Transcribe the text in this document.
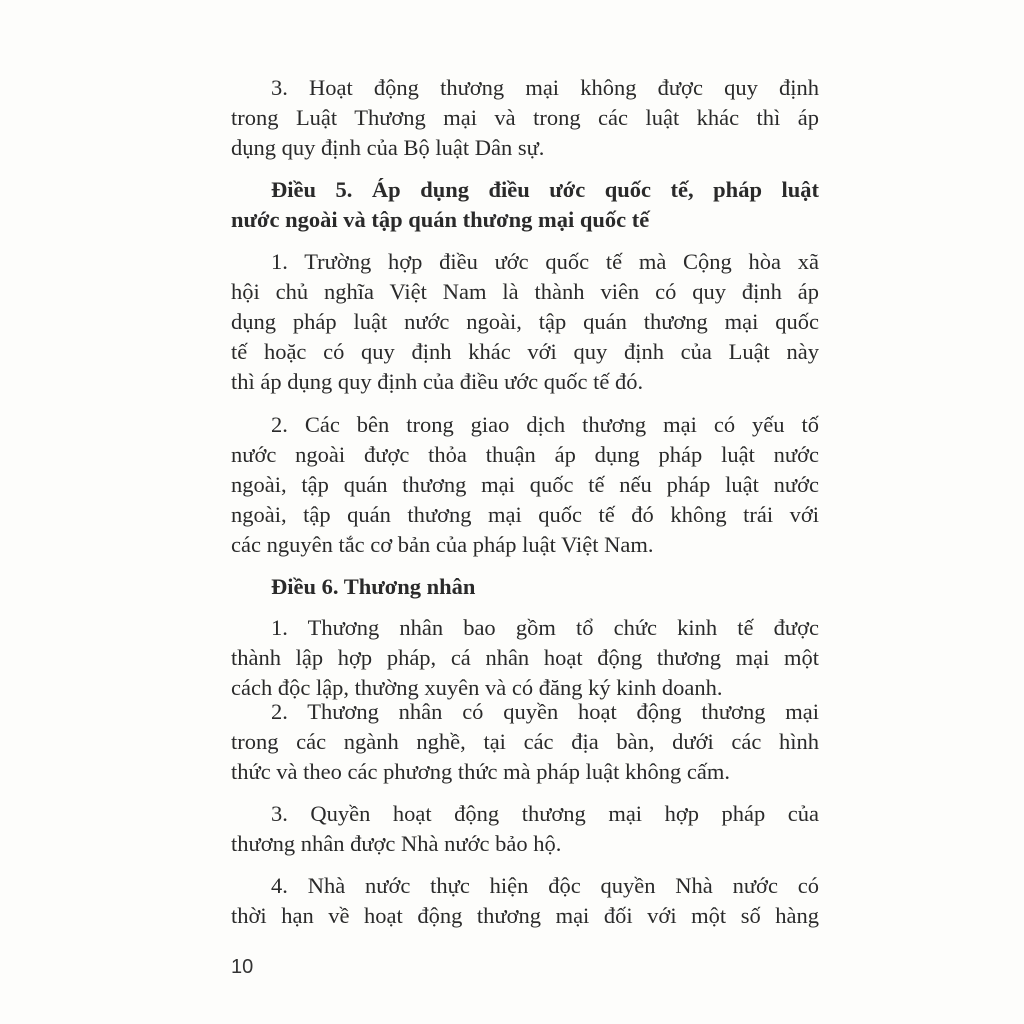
3. Hoạt động thương mại không được quy định
trong Luật Thương mại và trong các luật khác thì áp
dụng quy định của Bộ luật Dân sự.
Điều 5. Áp dụng điều ước quốc tế, pháp luật
nước ngoài và tập quán thương mại quốc tế
1. Trường hợp điều ước quốc tế mà Cộng hòa xã
hội chủ nghĩa Việt Nam là thành viên có quy định áp
dụng pháp luật nước ngoài, tập quán thương mại quốc
tế hoặc có quy định khác với quy định của Luật này
thì áp dụng quy định của điều ước quốc tế đó.
2. Các bên trong giao dịch thương mại có yếu tố
nước ngoài được thỏa thuận áp dụng pháp luật nước
ngoài, tập quán thương mại quốc tế nếu pháp luật nước
ngoài, tập quán thương mại quốc tế đó không trái với
các nguyên tắc cơ bản của pháp luật Việt Nam.
Điều 6. Thương nhân
1. Thương nhân bao gồm tổ chức kinh tế được
thành lập hợp pháp, cá nhân hoạt động thương mại một
cách độc lập, thường xuyên và có đăng ký kinh doanh.
2. Thương nhân có quyền hoạt động thương mại
trong các ngành nghề, tại các địa bàn, dưới các hình
thức và theo các phương thức mà pháp luật không cấm.
3. Quyền hoạt động thương mại hợp pháp của
thương nhân được Nhà nước bảo hộ.
4. Nhà nước thực hiện độc quyền Nhà nước có
thời hạn về hoạt động thương mại đối với một số hàng
10
